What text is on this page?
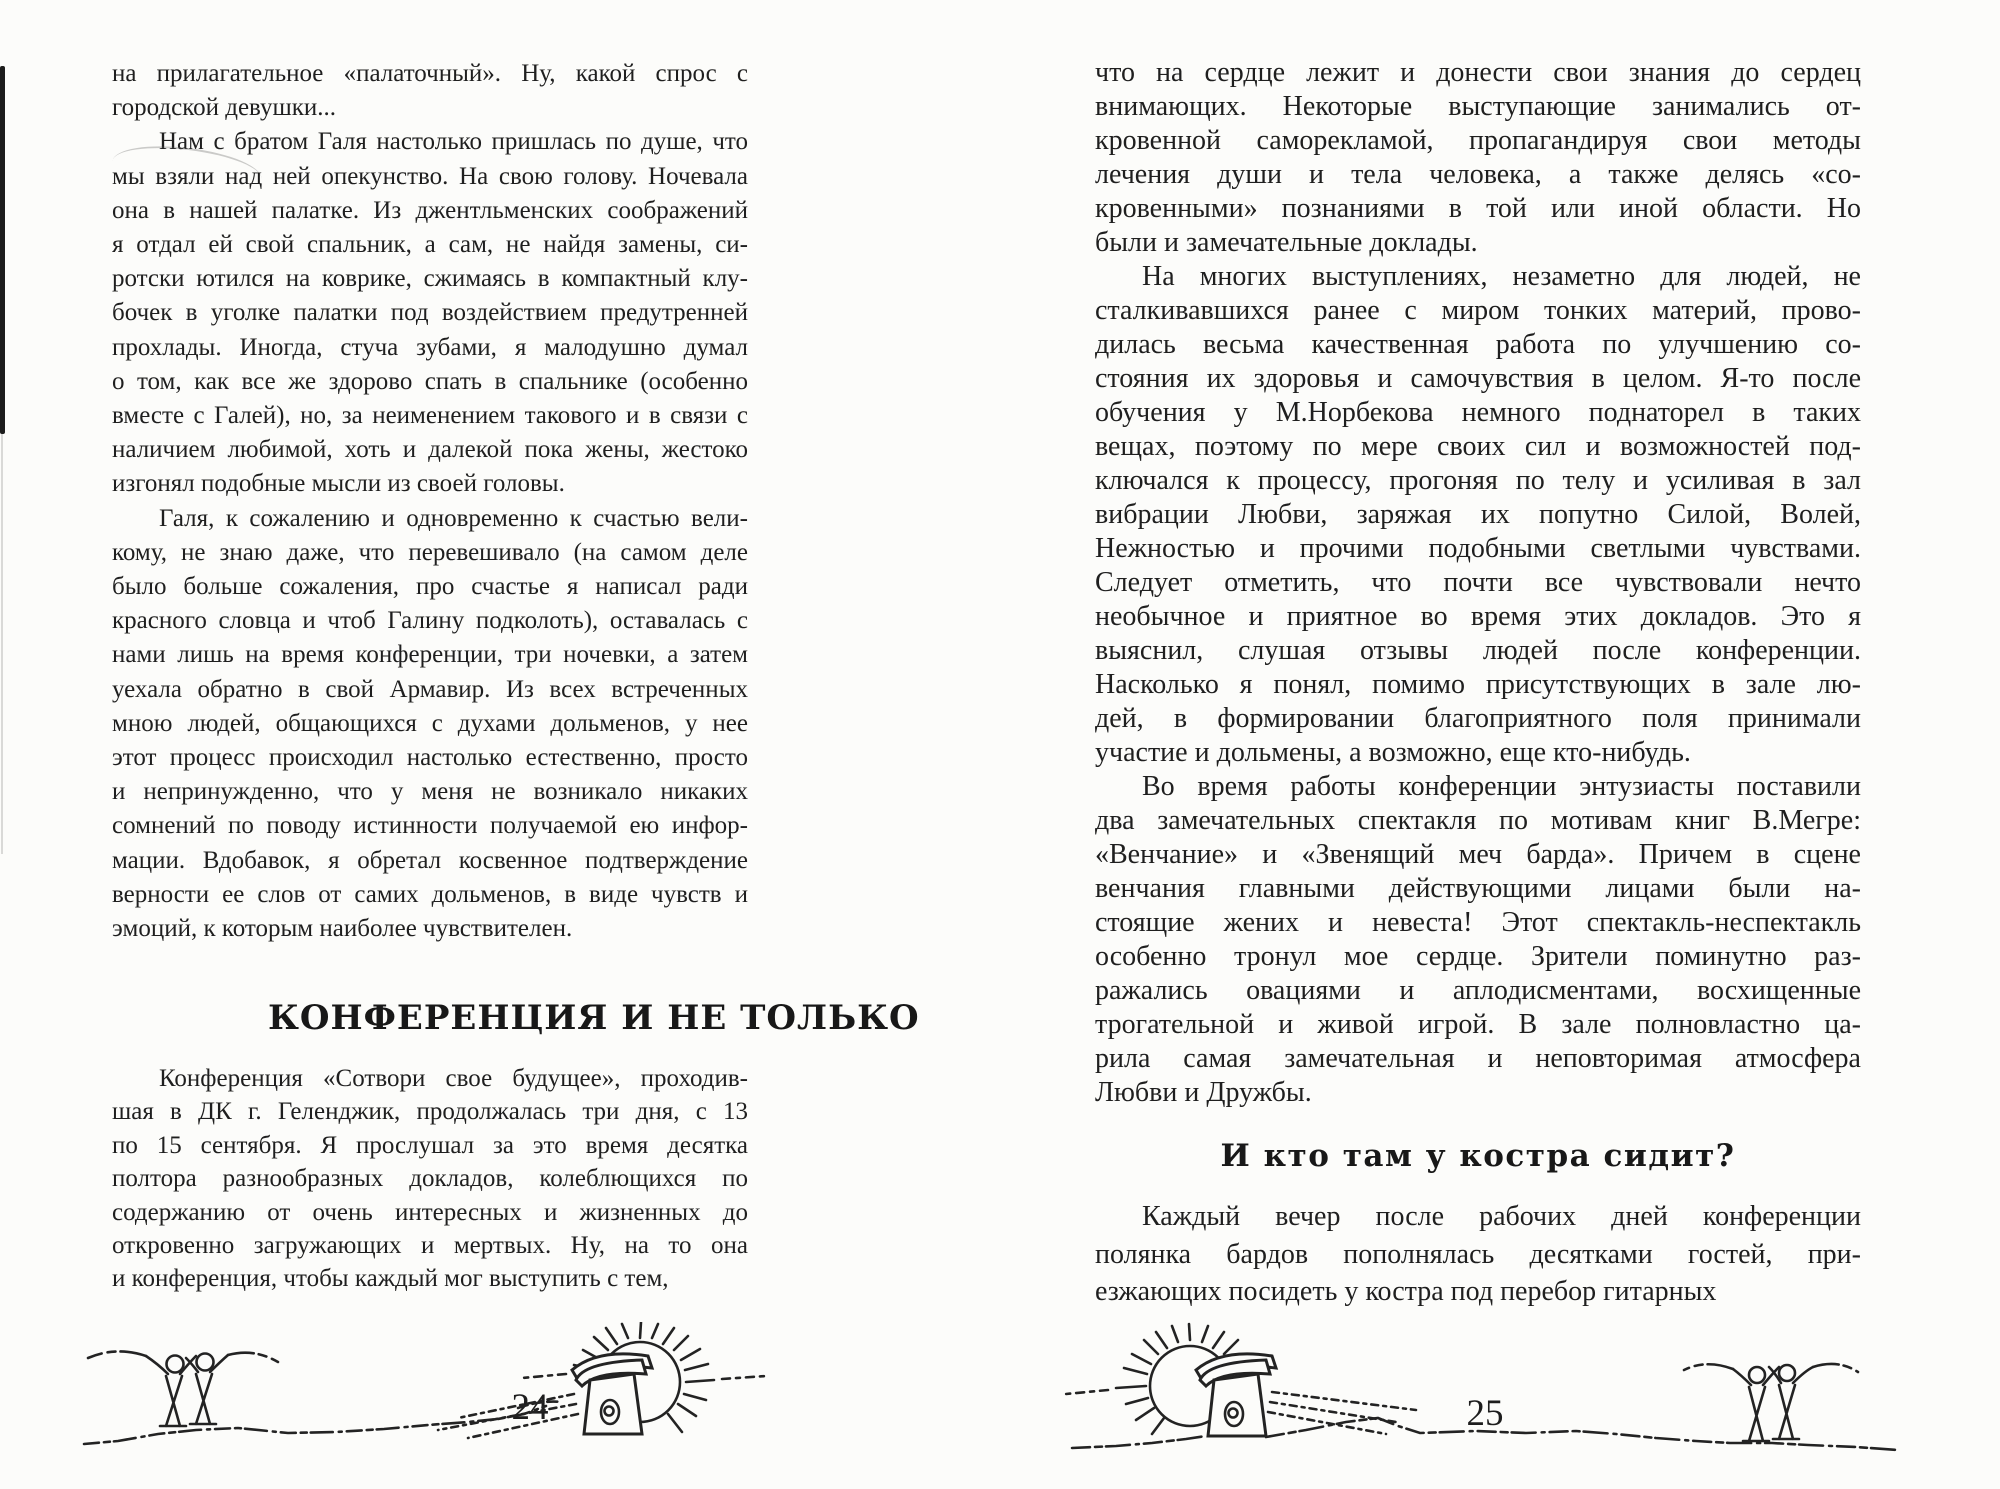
на прилагательное «палаточный». Ну, какой спрос с
городской девушки...
Нам с братом Галя настолько пришлась по душе, что
мы взяли над ней опекунство. На свою голову. Ночевала
она в нашей палатке. Из джентльменских соображений
я отдал ей свой спальник, а сам, не найдя замены, си-
ротски ютился на коврике, сжимаясь в компактный клу-
бочек в уголке палатки под воздействием предутренней
прохлады. Иногда, стуча зубами, я малодушно думал
о том, как все же здорово спать в спальнике (особенно
вместе с Галей), но, за неименением такового и в связи с
наличием любимой, хоть и далекой пока жены, жестоко
изгонял подобные мысли из своей головы.
Галя, к сожалению и одновременно к счастью вели-
кому, не знаю даже, что перевешивало (на самом деле
было больше сожаления, про счастье я написал ради
красного словца и чтоб Галину подколоть), оставалась с
нами лишь на время конференции, три ночевки, а затем
уехала обратно в свой Армавир. Из всех встреченных
мною людей, общающихся с духами дольменов, у нее
этот процесс происходил настолько естественно, просто
и непринужденно, что у меня не возникало никаких
сомнений по поводу истинности получаемой ею инфор-
мации. Вдобавок, я обретал косвенное подтверждение
верности ее слов от самих дольменов, в виде чувств и
эмоций, к которым наиболее чувствителен.
КОНФЕРЕНЦИЯ И НЕ ТОЛЬКО
Конференция «Сотвори свое будущее», проходив-
шая в ДК г. Геленджик, продолжалась три дня, с 13
по 15 сентября. Я прослушал за это время десятка
полтора разнообразных докладов, колеблющихся по
содержанию от очень интересных и жизненных до
откровенно загружающих и мертвых. Ну, на то она
и конференция, чтобы каждый мог выступить с тем,
24
что на сердце лежит и донести свои знания до сердец
внимающих. Некоторые выступающие занимались от-
кровенной саморекламой, пропагандируя свои методы
лечения души и тела человека, а также делясь «со-
кровенными» познаниями в той или иной области. Но
были и замечательные доклады.
На многих выступлениях, незаметно для людей, не
сталкивавшихся ранее с миром тонких материй, прово-
дилась весьма качественная работа по улучшению со-
стояния их здоровья и самочувствия в целом. Я-то после
обучения у М.Норбекова немного поднаторел в таких
вещах, поэтому по мере своих сил и возможностей под-
ключался к процессу, прогоняя по телу и усиливая в зал
вибрации Любви, заряжая их попутно Силой, Волей,
Нежностью и прочими подобными светлыми чувствами.
Следует отметить, что почти все чувствовали нечто
необычное и приятное во время этих докладов. Это я
выяснил, слушая отзывы людей после конференции.
Насколько я понял, помимо присутствующих в зале лю-
дей, в формировании благоприятного поля принимали
участие и дольмены, а возможно, еще кто-нибудь.
Во время работы конференции энтузиасты поставили
два замечательных спектакля по мотивам книг В.Мегре:
«Венчание» и «Звенящий меч барда». Причем в сцене
венчания главными действующими лицами были на-
стоящие жених и невеста! Этот спектакль-неспектакль
особенно тронул мое сердце. Зрители поминутно раз-
ражались овациями и аплодисментами, восхищенные
трогательной и живой игрой. В зале полновластно ца-
рила самая замечательная и неповторимая атмосфера
Любви и Дружбы.
И кто там у костра сидит?
Каждый вечер после рабочих дней конференции
полянка бардов пополнялась десятками гостей, при-
езжающих посидеть у костра под перебор гитарных
25
